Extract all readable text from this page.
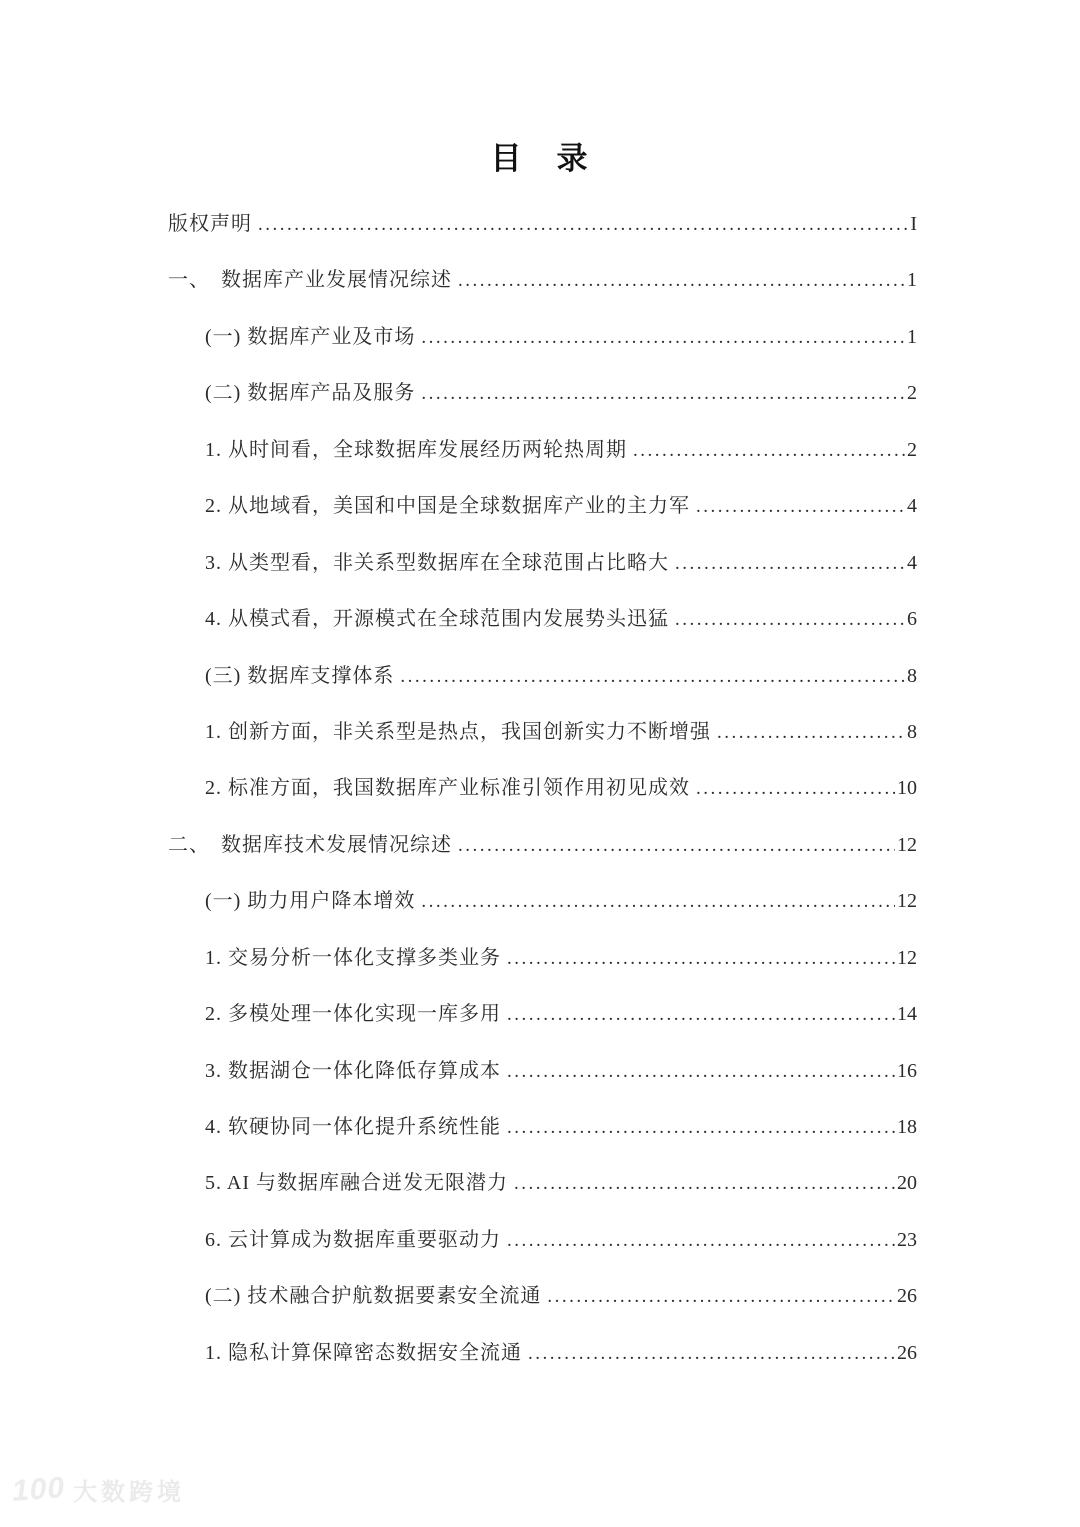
目　录
版权声明 .....	I
一、　数据库产业发展情况综述 .....	1
(一) 数据库产业及市场 .....	1
(二) 数据库产品及服务 .....	2
1. 从时间看，全球数据库发展经历两轮热周期 .....	2
2. 从地域看，美国和中国是全球数据库产业的主力军 .....	4
3. 从类型看，非关系型数据库在全球范围占比略大 .....	4
4. 从模式看，开源模式在全球范围内发展势头迅猛 .....	6
(三) 数据库支撑体系 .....	8
1. 创新方面，非关系型是热点，我国创新实力不断增强 .....	8
2. 标准方面，我国数据库产业标准引领作用初见成效 .....	10
二、　数据库技术发展情况综述 .....	12
(一) 助力用户降本增效 .....	12
1. 交易分析一体化支撑多类业务 .....	12
2. 多模处理一体化实现一库多用 .....	14
3. 数据湖仓一体化降低存算成本 .....	16
4. 软硬协同一体化提升系统性能 .....	18
5. AI 与数据库融合迸发无限潜力 .....	20
6. 云计算成为数据库重要驱动力 .....	23
(二) 技术融合护航数据要素安全流通 .....	26
1. 隐私计算保障密态数据安全流通 .....	26
100 大数跨境
